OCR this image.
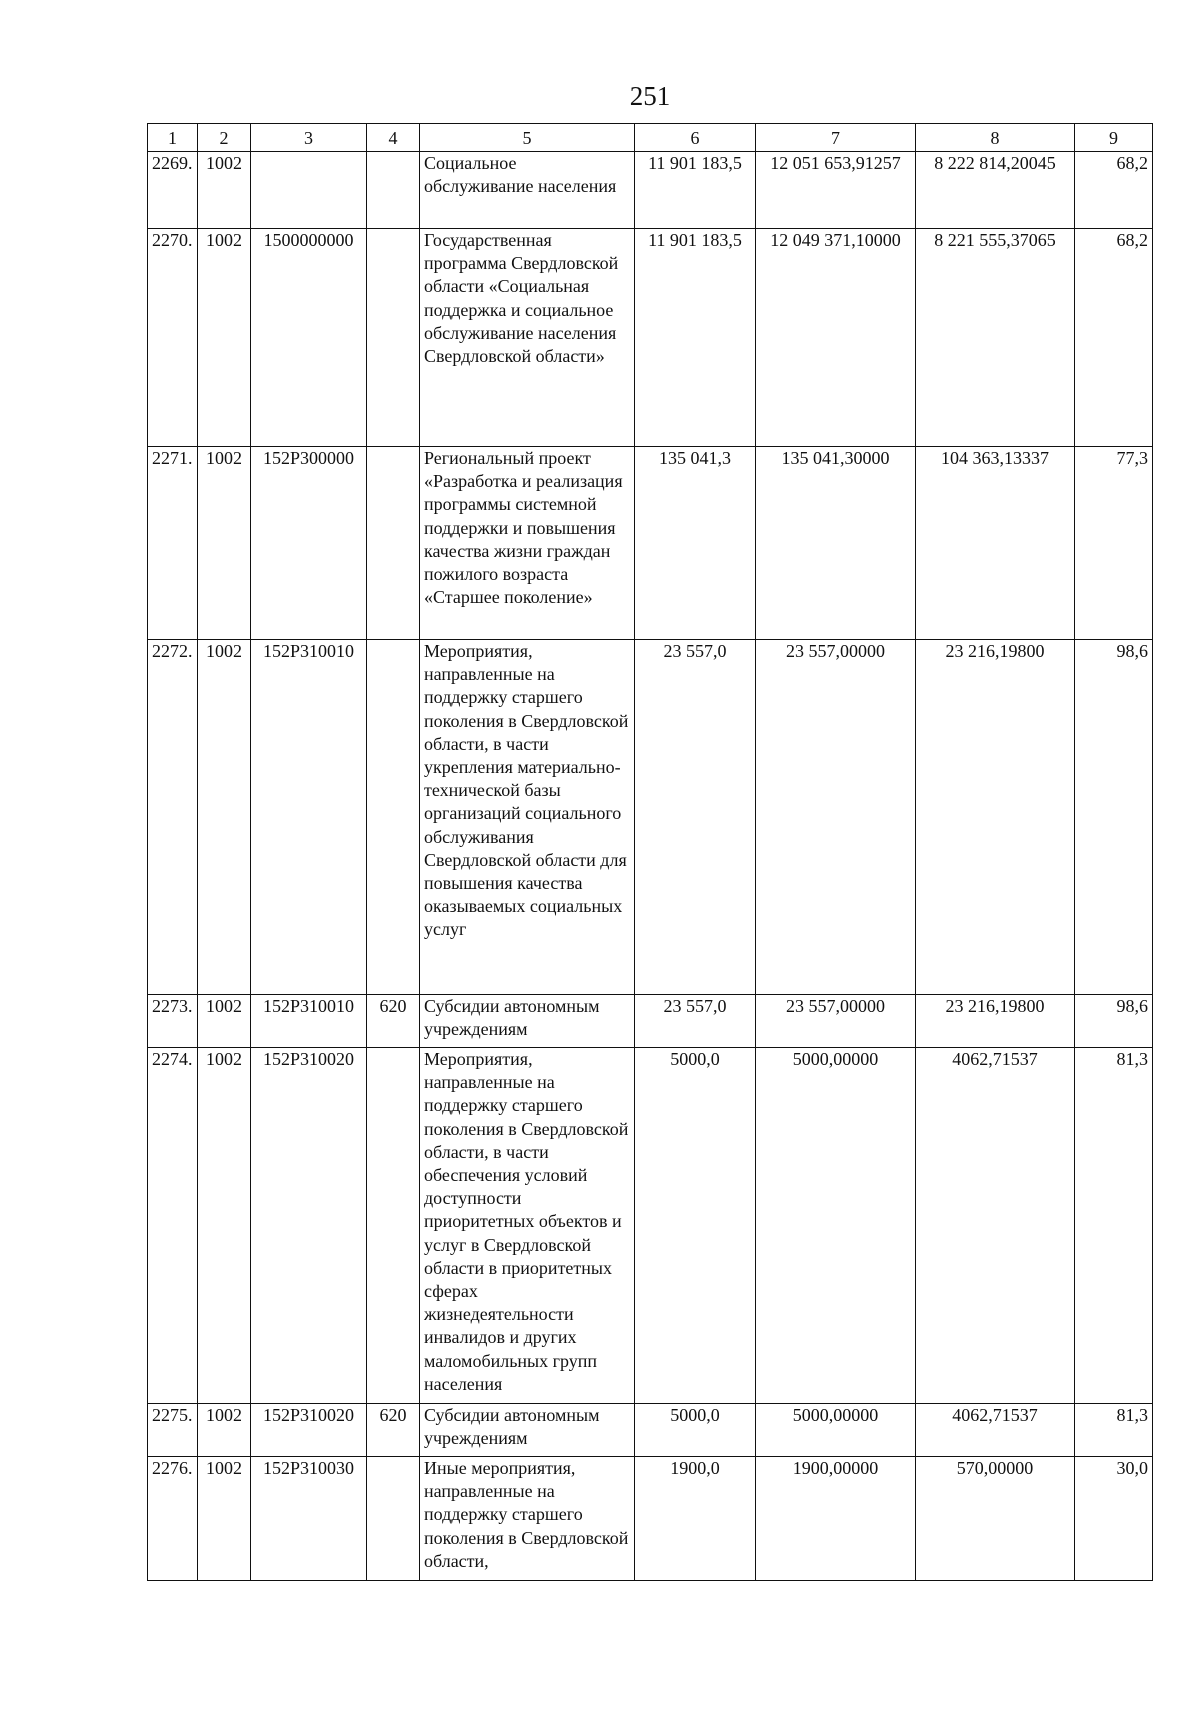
251
1	2	3	4	5	6	7	8	9
2269.	1002			Социальное обслуживание населения	11 901 183,5	12 051 653,91257	8 222 814,20045	68,2
2270.	1002	1500000000		Государственная программа Свердловской области «Социальная поддержка и социальное обслуживание населения Свердловской области»	11 901 183,5	12 049 371,10000	8 221 555,37065	68,2
2271.	1002	152P300000		Региональный проект «Разработка и реализация программы системной поддержки и повышения качества жизни граждан пожилого возраста «Старшее поколение»	135 041,3	135 041,30000	104 363,13337	77,3
2272.	1002	152P310010		Мероприятия, направленные на поддержку старшего поколения в Свердловской области, в части укрепления материально-технической базы организаций социального обслуживания Свердловской области для повышения качества оказываемых социальных услуг	23 557,0	23 557,00000	23 216,19800	98,6
2273.	1002	152P310010	620	Субсидии автономным учреждениям	23 557,0	23 557,00000	23 216,19800	98,6
2274.	1002	152P310020		Мероприятия, направленные на поддержку старшего поколения в Свердловской области, в части обеспечения условий доступности приоритетных объектов и услуг в Свердловской области в приоритетных сферах жизнедеятельности инвалидов и других маломобильных групп населения	5000,0	5000,00000	4062,71537	81,3
2275.	1002	152P310020	620	Субсидии автономным учреждениям	5000,0	5000,00000	4062,71537	81,3
2276.	1002	152P310030		Иные мероприятия, направленные на поддержку старшего поколения в Свердловской области,	1900,0	1900,00000	570,00000	30,0
